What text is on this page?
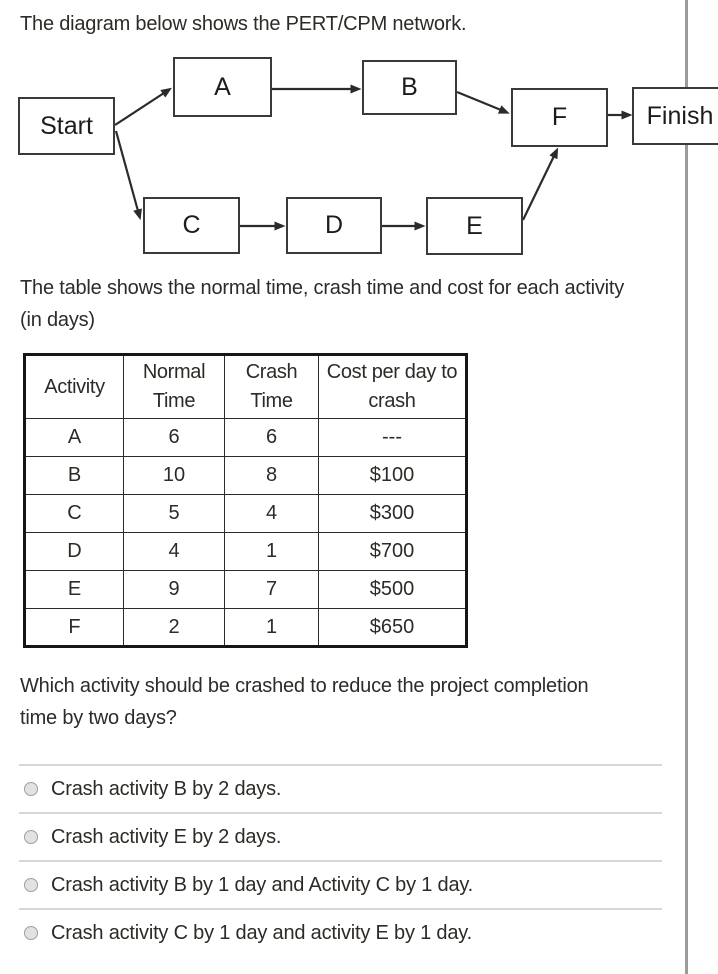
The diagram below shows the PERT/CPM network.
Start
A	B
C	D	E
F	Finish
The table shows the normal time, crash time and cost for each activity
(in days)
Activity	Normal Time	Crash Time	Cost per day to crash
A	6	6	---
B	10	8	$100
C	5	4	$300
D	4	1	$700
E	9	7	$500
F	2	1	$650
Which activity should be crashed to reduce the project completion
time by two days?
Crash activity B by 2 days.
Crash activity E by 2 days.
Crash activity B by 1 day and Activity C by 1 day.
Crash activity C by 1 day and activity E by 1 day.
